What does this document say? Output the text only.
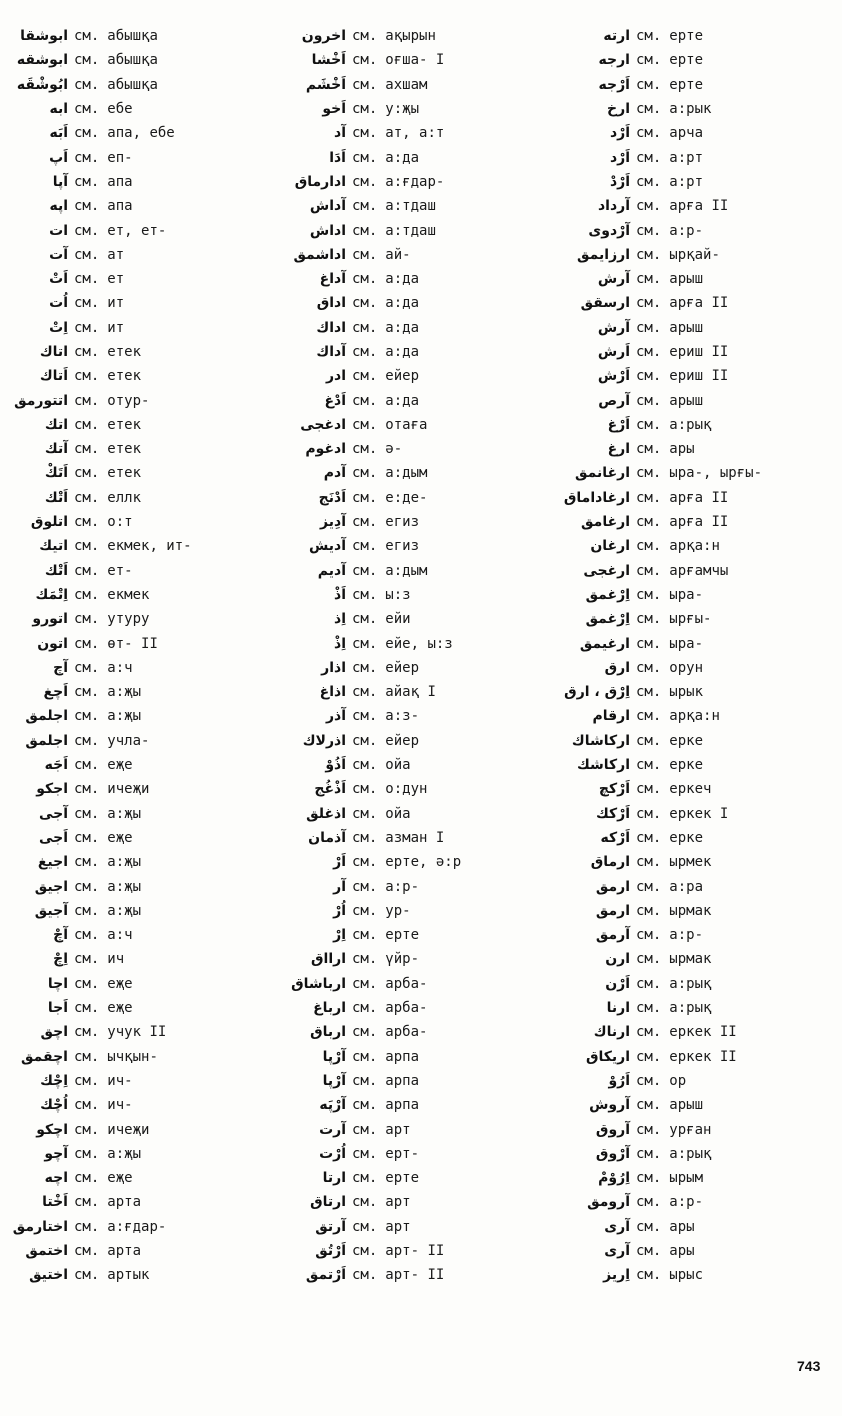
ابوشقا см. абышқа
ابوشقه см. абышқа
ابُوشْقَه см. абышқа
ابه см. ебе
اَبَه см. апа, ебе
اَپ см. еп-
آپا см. апа
اپه см. апа
ات см. ет, ет-
آت см. ат
اَتْ см. ет
اُت см. ит
اِتْ см. ит
اتاك см. етек
اَتاك см. етек
اتتورمق см. отур-
اتك см. етек
آتك см. етек
اَتَكْ см. етек
اَتْك см. еллк
اتلوق см. о:т
اتيك см. екмек, ит-
اَتْك см. ет-
اِتْمَك см. екмек
اتورو см. утуру
اتون см. өт- II
آچ см. а:ч
اَچغ см. а:җы
اجلمق см. а:җы
اجلمق см. учла-
اَجَه см. еҗе
اجكو см. ичеҗи
آجى см. а:җы
اَجى см. еҗе
اجيغ см. а:җы
اجيق см. а:җы
آجيق см. а:җы
آچْ см. а:ч
اِچْ см. ич
اچا см. еҗе
اَجا см. еҗе
اچق см. учук II
اچقمق см. ычқын-
اِچْك см. ич-
اُچْك см. ич-
اچكو см. ичеҗи
آچو см. а:җы
اچه см. еҗе
اَخْتا см. арта
اختارمق см. а:ғдар-
اختمق см. арта
اختيق см. артык
اخرون см. ақырын
اَخْشا см. оғша- I
اَخْشَم см. ахшам
اَخو см. у:җы
آد см. ат, а:т
اَدَا см. а:да
ادارماق см. а:ғдар-
آداش см. а:тдаш
اداش см. а:тдаш
اداشمق см. ай-
آداغ см. а:да
اداق см. а:да
اداك см. а:да
آداك см. а:да
ادر см. ейер
اَدْغ см. а:да
ادغجى см. отаға
ادغوم см. ә-
آدم см. а:дым
اَدْنَج см. е:де-
آدِيز см. егиз
آديش см. егиз
آديم см. а:дым
اَذْ см. ы:з
اِذ см. ейи
اِذْ см. ейе, ы:з
اذار см. ейер
اذاغ см. айақ I
آذر см. а:з-
اذرلاك см. ейер
اَذُوْ см. ойа
اَذْغُج см. о:дун
اذغلق см. ойа
آذمان см. азман I
اَرْ см. ерте, ә:р
آر см. а:р-
اُرْ см. ур-
اِرْ см. ерте
ارااق см. үйр-
ارباشاق см. арба-
ارباغ см. арба-
ارباق см. арба-
آرْپا см. арпа
آرْپا см. арпа
آرْپَه см. арпа
آرت см. арт
اُرْت см. ерт-
ارتا см. ерте
ارتاق см. арт
آرتق см. арт
اَرْتُق см. арт- II
اَرْتمق см. арт- II
ارته см. ерте
ارجه см. ерте
اَرْجه см. ерте
ارخ см. а:рык
اَرْد см. арча
اَرْد см. а:рт
اَرْدْ см. а:рт
آرداد см. арға II
آرْدوى см. а:р-
ارزايمق см. ырқай-
آرش см. арыш
ارسقق см. арға II
آرش см. арыш
اَرش см. ериш II
اَرْش см. ериш II
آرص см. арыш
اَرْغ см. а:рық
ارغ см. ары
ارغانمق см. ыра-, ырғы-
ارغاداماق см. арға II
ارغامق см. арға II
ارغان см. арқа:н
ارغجى см. арғамчы
اِرْغمق см. ыра-
اِرْغمق см. ырғы-
ارغيمق см. ыра-
ارق см. орун
اِرْق ، ارق см. ырык
ارقام см. арқа:н
اركاشاك см. ерке
اركاشك см. ерке
اَرْكچ см. еркеч
اَرْكك см. еркек I
اَرْكه см. ерке
ارماق см. ырмек
ارمق см. а:ра
ارمق см. ырмак
آرمق см. а:р-
ارن см. ырмак
اَرْن см. а:рық
ارنا см. а:рық
ارناك см. еркек II
اريكاق см. еркек II
اَرُوْ см. ор
آروش см. арыш
آروق см. урған
آرْوق см. а:рық
اِرُوْمْ см. ырым
آرومق см. а:р-
آرى см. ары
آرى см. ары
اِريز см. ырыс
743
